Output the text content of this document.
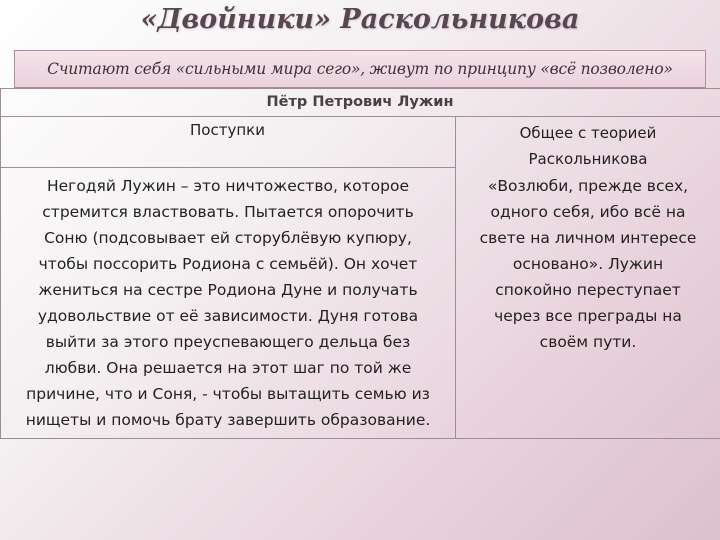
«Двойники» Раскольникова
Считают себя «сильными мира сего», живут по принципу «всё позволено»
Пётр Петрович Лужин
Поступки	Общее с теорией
Раскольникова
Негодяй Лужин – это ничтожество, которое
стремится властвовать. Пытается опорочить
Соню (подсовывает ей сторублёвую купюру,
чтобы поссорить Родиона с семьёй). Он хочет
жениться на сестре Родиона Дуне и получать
удовольствие от её зависимости. Дуня готова
выйти за этого преуспевающего дельца без
любви. Она решается на этот шаг по той же
причине, что и Соня, - чтобы вытащить семью из
нищеты и помочь брату завершить образование.
«Возлюби, прежде всех,
одного себя, ибо всё на
свете на личном интересе
основано». Лужин
спокойно переступает
через все преграды на
своём пути.
